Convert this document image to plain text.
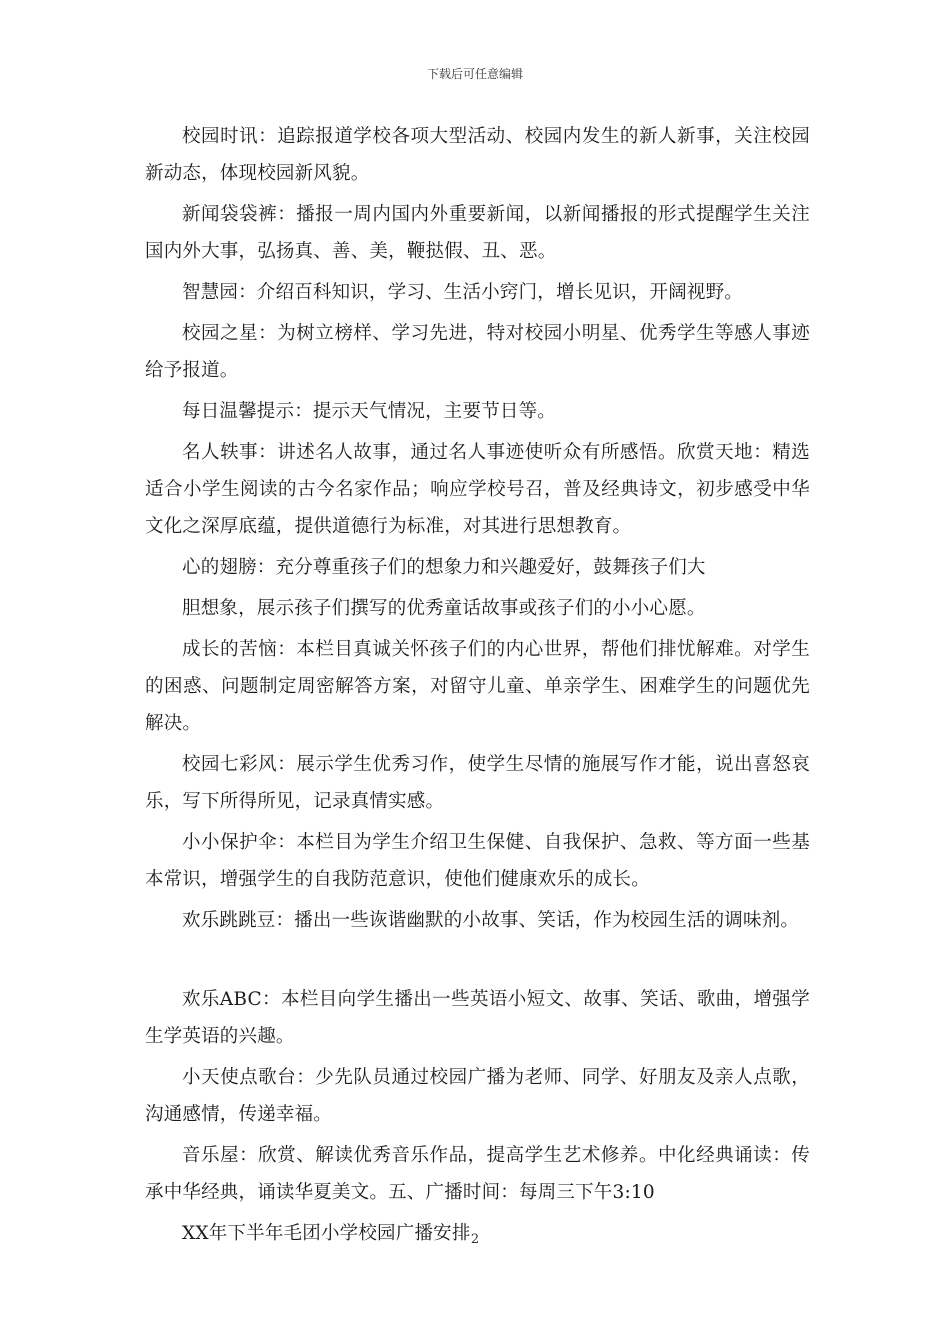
下载后可任意编辑

校园时讯：追踪报道学校各项大型活动、校园内发生的新人新事，关注校园新动态，体现校园新风貌。

新闻袋袋裤：播报一周内国内外重要新闻，以新闻播报的形式提醒学生关注国内外大事，弘扬真、善、美，鞭挞假、丑、恶。

智慧园：介绍百科知识，学习、生活小窍门，增长见识，开阔视野。

校园之星：为树立榜样、学习先进，特对校园小明星、优秀学生等感人事迹给予报道。

每日温馨提示：提示天气情况，主要节日等。

名人轶事：讲述名人故事，通过名人事迹使听众有所感悟。欣赏天地：精选适合小学生阅读的古今名家作品；响应学校号召，普及经典诗文，初步感受中华文化之深厚底蕴，提供道德行为标准，对其进行思想教育。

心的翅膀：充分尊重孩子们的想象力和兴趣爱好，鼓舞孩子们大

胆想象，展示孩子们撰写的优秀童话故事或孩子们的小小心愿。

成长的苦恼：本栏目真诚关怀孩子们的内心世界，帮他们排忧解难。对学生的困惑、问题制定周密解答方案，对留守儿童、单亲学生、困难学生的问题优先解决。

校园七彩风：展示学生优秀习作，使学生尽情的施展写作才能，说出喜怒哀乐，写下所得所见，记录真情实感。

小小保护伞：本栏目为学生介绍卫生保健、自我保护、急救、等方面一些基本常识，增强学生的自我防范意识，使他们健康欢乐的成长。

欢乐跳跳豆：播出一些诙谐幽默的小故事、笑话，作为校园生活的调味剂。

欢乐ABC：本栏目向学生播出一些英语小短文、故事、笑话、歌曲，增强学生学英语的兴趣。

小天使点歌台：少先队员通过校园广播为老师、同学、好朋友及亲人点歌，沟通感情，传递幸福。

音乐屋：欣赏、解读优秀音乐作品，提高学生艺术修养。中化经典诵读：传承中华经典，诵读华夏美文。五、广播时间：每周三下午3:10

XX年下半年毛团小学校园广播安排 2
